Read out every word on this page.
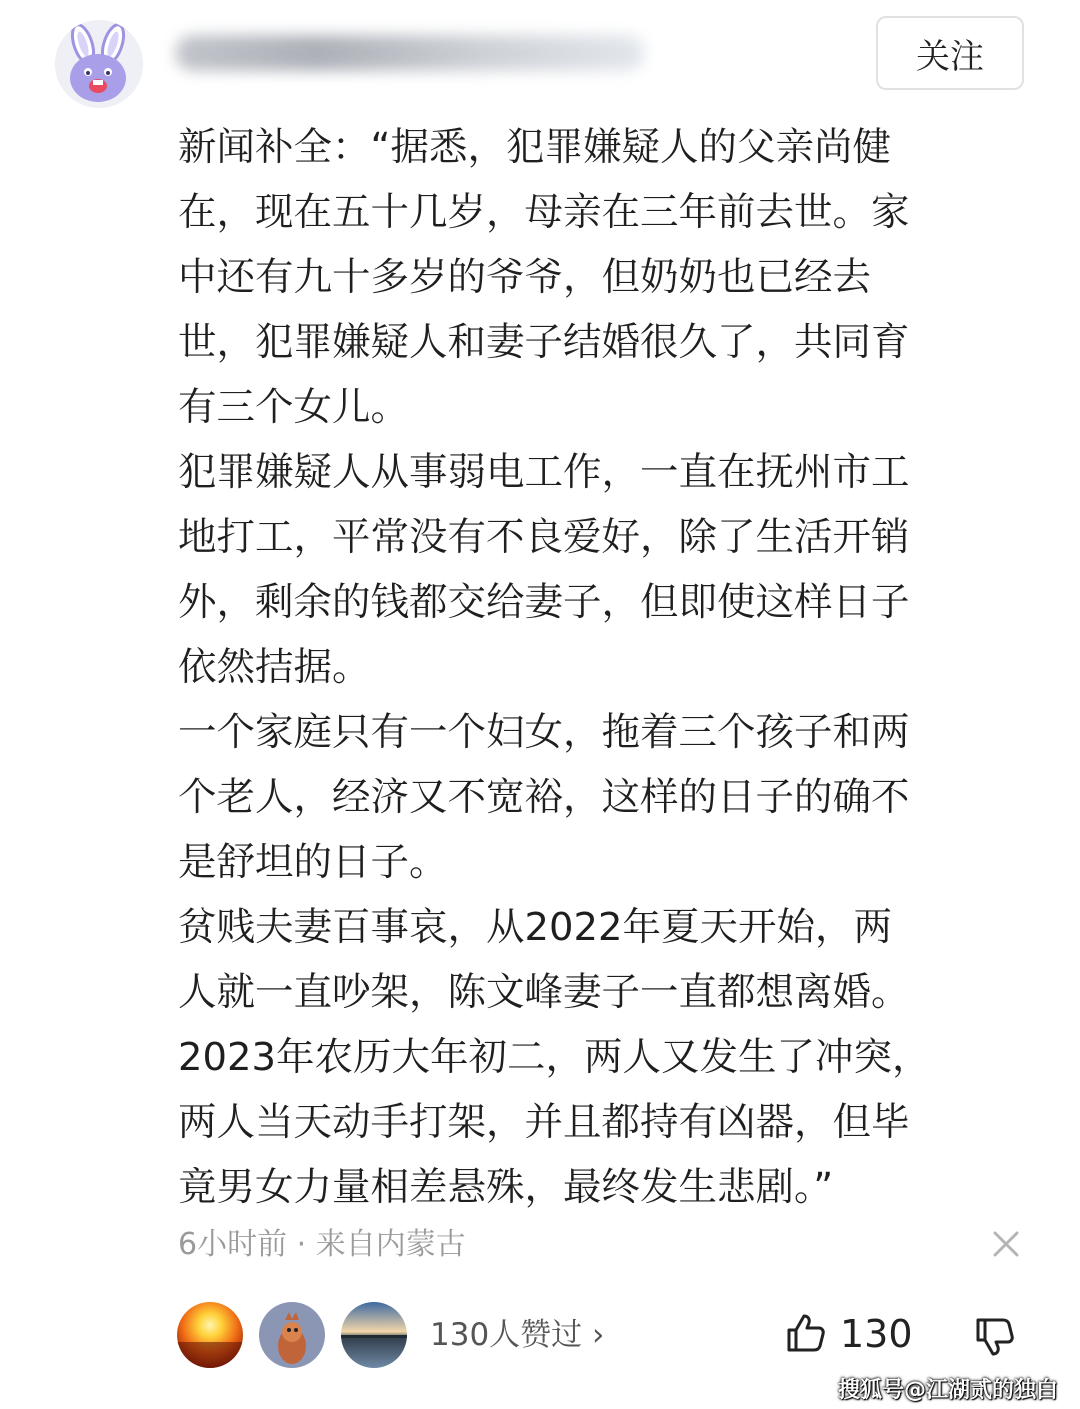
关注

新闻补全：“据悉，犯罪嫌疑人的父亲尚健

在，现在五十几岁，母亲在三年前去世。家

中还有九十多岁的爷爷，但奶奶也已经去

世，犯罪嫌疑人和妻子结婚很久了，共同育

有三个女儿。

犯罪嫌疑人从事弱电工作，一直在抚州市工

地打工，平常没有不良爱好，除了生活开销

外，剩余的钱都交给妻子，但即使这样日子

依然拮据。

一个家庭只有一个妇女，拖着三个孩子和两

个老人，经济又不宽裕，这样的日子的确不

是舒坦的日子。

贫贱夫妻百事哀，从2022年夏天开始，两

人就一直吵架，陈文峰妻子一直都想离婚。

2023年农历大年初二，两人又发生了冲突，

两人当天动手打架，并且都持有凶器，但毕

竟男女力量相差悬殊，最终发生悲剧。”

6小时前 · 来自内蒙古
130人赞过 ›	130
搜狐号@江湖贰的独白
